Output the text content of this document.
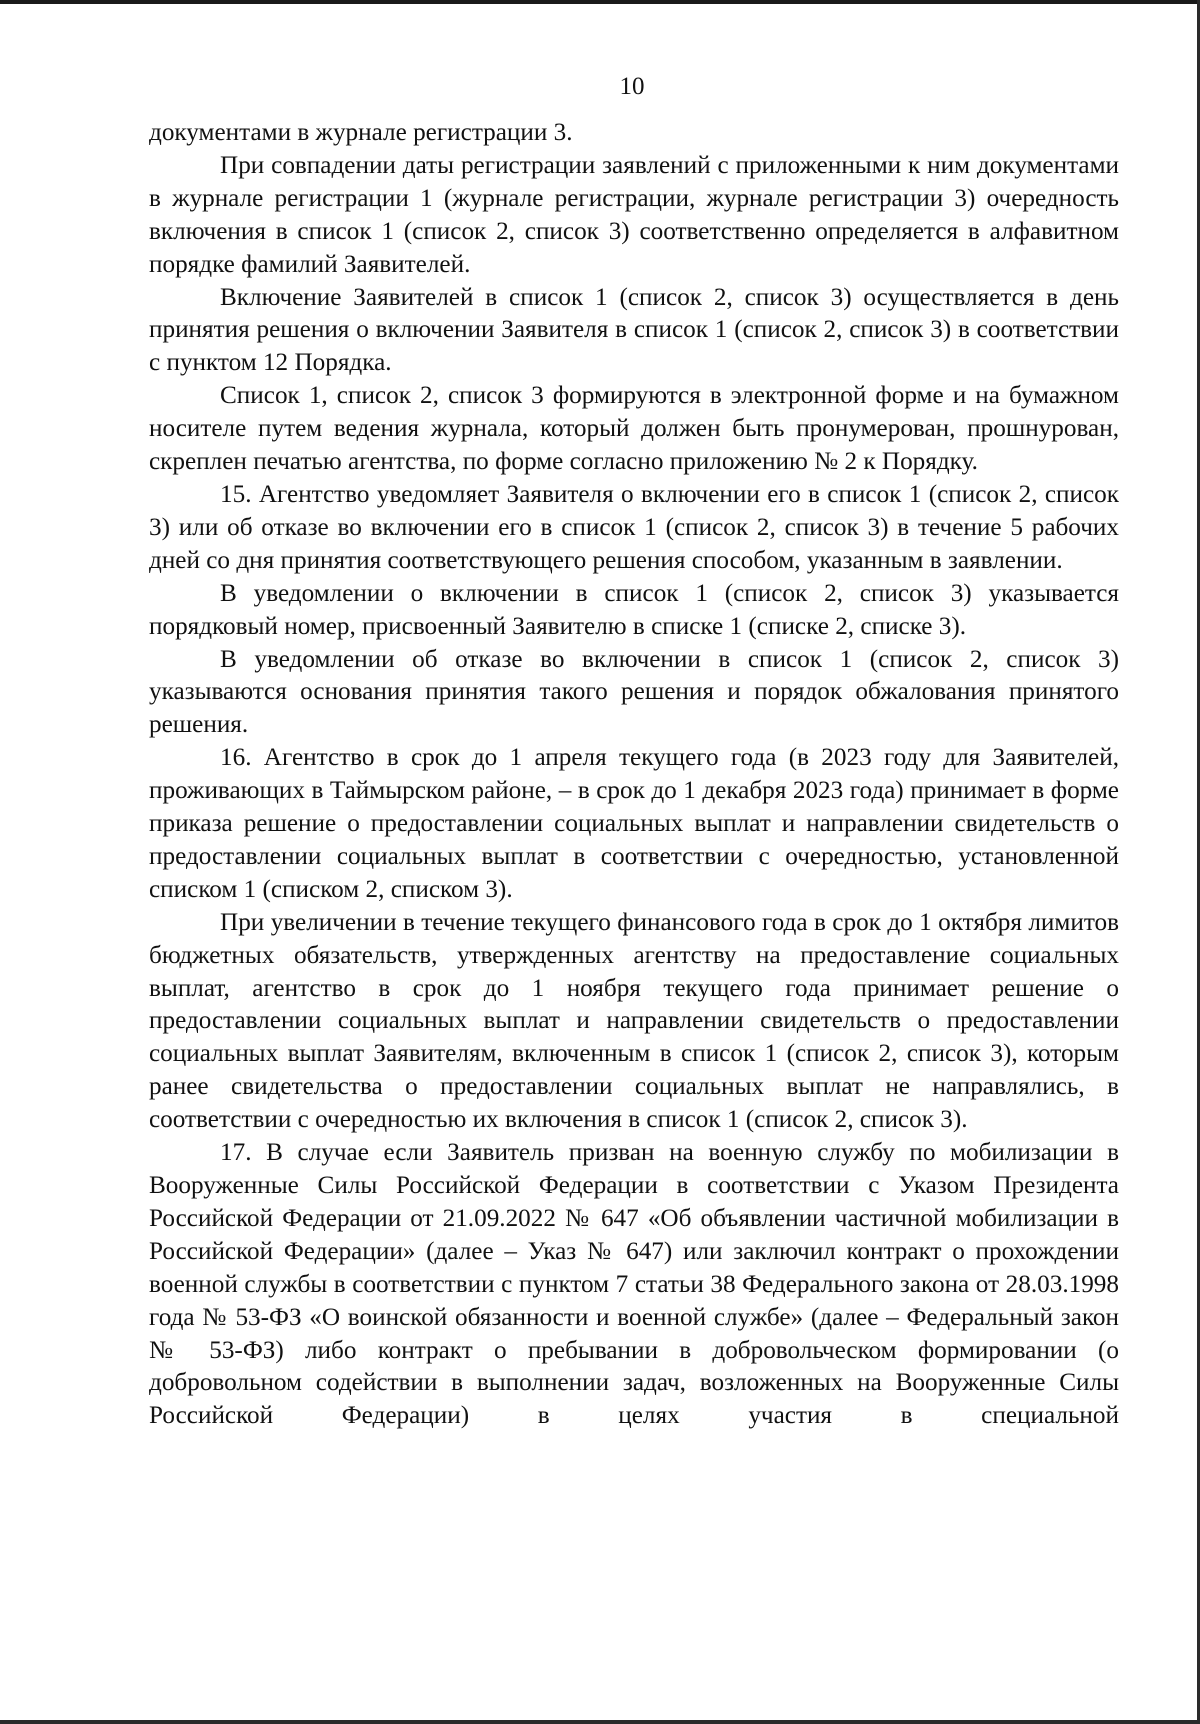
10

документами в журнале регистрации 3.

При совпадении даты регистрации заявлений с приложенными к ним документами в журнале регистрации 1 (журнале регистрации, журнале регистрации 3) очередность включения в список 1 (список 2, список 3) соответственно определяется в алфавитном порядке фамилий Заявителей.

Включение Заявителей в список 1 (список 2, список 3) осуществляется в день принятия решения о включении Заявителя в список 1 (список 2, список 3) в соответствии с пунктом 12 Порядка.

Список 1, список 2, список 3 формируются в электронной форме и на бумажном носителе путем ведения журнала, который должен быть пронумерован, прошнурован, скреплен печатью агентства, по форме согласно приложению № 2 к Порядку.

15. Агентство уведомляет Заявителя о включении его в список 1 (список 2, список 3) или об отказе во включении его в список 1 (список 2, список 3) в течение 5 рабочих дней со дня принятия соответствующего решения способом, указанным в заявлении.

В уведомлении о включении в список 1 (список 2, список 3) указывается порядковый номер, присвоенный Заявителю в списке 1 (списке 2, списке 3).

В уведомлении об отказе во включении в список 1 (список 2, список 3) указываются основания принятия такого решения и порядок обжалования принятого решения.

16. Агентство в срок до 1 апреля текущего года (в 2023 году для Заявителей, проживающих в Таймырском районе, – в срок до 1 декабря 2023 года) принимает в форме приказа решение о предоставлении социальных выплат и направлении свидетельств о предоставлении социальных выплат в соответствии с очередностью, установленной списком 1 (списком 2, списком 3).

При увеличении в течение текущего финансового года в срок до 1 октября лимитов бюджетных обязательств, утвержденных агентству на предоставление социальных выплат, агентство в срок до 1 ноября текущего года принимает решение о предоставлении социальных выплат и направлении свидетельств о предоставлении социальных выплат Заявителям, включенным в список 1 (список 2, список 3), которым ранее свидетельства о предоставлении социальных выплат не направлялись, в соответствии с очередностью их включения в список 1 (список 2, список 3).

17. В случае если Заявитель призван на военную службу по мобилизации в Вооруженные Силы Российской Федерации в соответствии с Указом Президента Российской Федерации от 21.09.2022 № 647 «Об объявлении частичной мобилизации в Российской Федерации» (далее – Указ № 647) или заключил контракт о прохождении военной службы в соответствии с пунктом 7 статьи 38 Федерального закона от 28.03.1998 года № 53-ФЗ «О воинской обязанности и военной службе» (далее – Федеральный закон № 53-ФЗ) либо контракт о пребывании в добровольческом формировании (о добровольном содействии в выполнении задач, возложенных на Вооруженные Силы Российской Федерации) в целях участия в специальной
